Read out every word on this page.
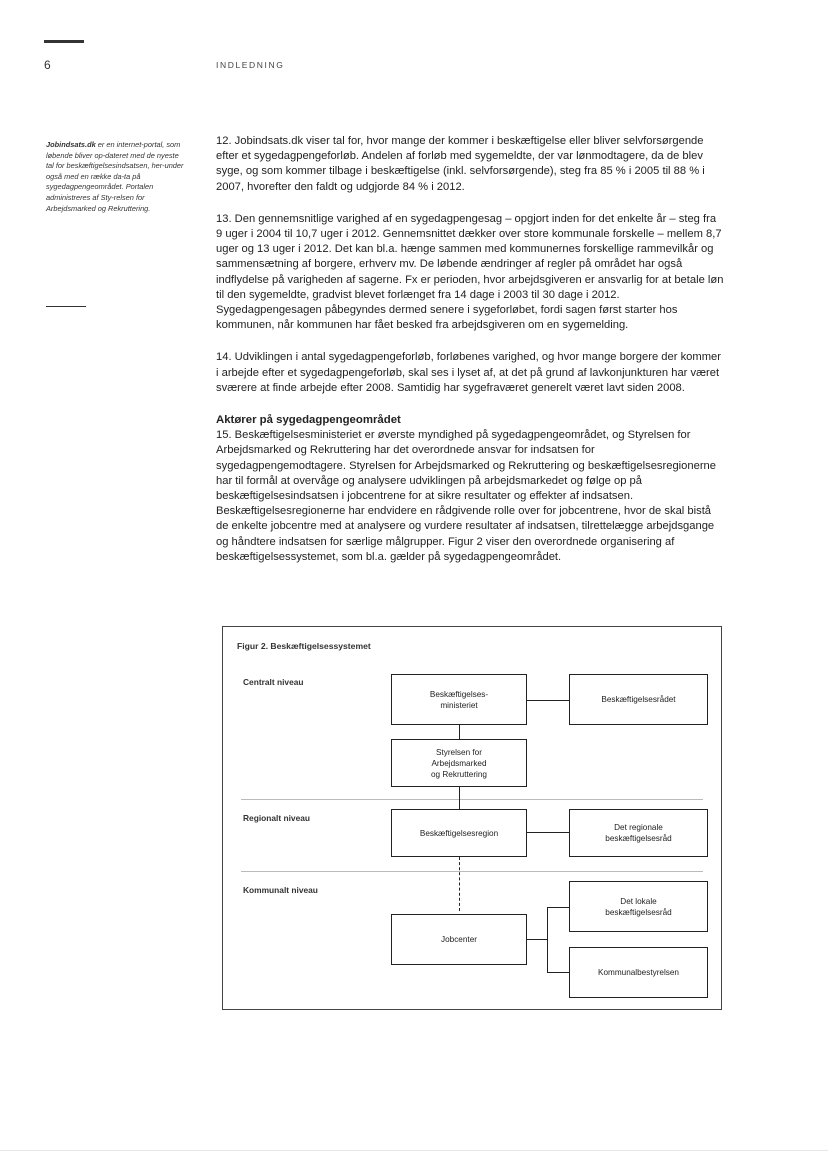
6	INDLEDNING
Jobindsats.dk er en internet-portal, som løbende bliver op-dateret med de nyeste tal for beskæftigelsesindsatsen, her-under også med en række da-ta på sygedagpengeområdet. Portalen administreres af Sty-relsen for Arbejdsmarked og Rekruttering.

12. Jobindsats.dk viser tal for, hvor mange der kommer i beskæftigelse eller bliver selvforsørgende efter et sygedagpengeforløb. Andelen af forløb med sygemeldte, der var lønmodtagere, da de blev syge, og som kommer tilbage i beskæftigelse (inkl. selvforsørgende), steg fra 85 % i 2005 til 88 % i 2007, hvorefter den faldt og udgjorde 84 % i 2012.

13. Den gennemsnitlige varighed af en sygedagpengesag – opgjort inden for det enkelte år – steg fra 9 uger i 2004 til 10,7 uger i 2012. Gennemsnittet dækker over store kommunale forskelle – mellem 8,7 uger og 13 uger i 2012. Det kan bl.a. hænge sammen med kommunernes forskellige rammevilkår og sammensætning af borgere, erhverv mv. De løbende ændringer af regler på området har også indflydelse på varigheden af sagerne. Fx er perioden, hvor arbejdsgiveren er ansvarlig for at betale løn til den sygemeldte, gradvist blevet forlænget fra 14 dage i 2003 til 30 dage i 2012. Sygedagpengesagen påbegyndes dermed senere i sygeforløbet, fordi sagen først starter hos kommunen, når kommunen har fået besked fra arbejdsgiveren om en sygemelding.

14. Udviklingen i antal sygedagpengeforløb, forløbenes varighed, og hvor mange borgere der kommer i arbejde efter et sygedagpengeforløb, skal ses i lyset af, at det på grund af lavkonjunkturen har været sværere at finde arbejde efter 2008. Samtidig har sygefraværet generelt været lavt siden 2008.

Aktører på sygedagpengeområdet

15. Beskæftigelsesministeriet er øverste myndighed på sygedagpengeområdet, og Styrelsen for Arbejdsmarked og Rekruttering har det overordnede ansvar for indsatsen for sygedagpengemodtagere. Styrelsen for Arbejdsmarked og Rekruttering og beskæftigelsesregionerne har til formål at overvåge og analysere udviklingen på arbejdsmarkedet og følge op på beskæftigelsesindsatsen i jobcentrene for at sikre resultater og effekter af indsatsen. Beskæftigelsesregionerne har endvidere en rådgivende rolle over for jobcentrene, hvor de skal bistå de enkelte jobcentre med at analysere og vurdere resultater af indsatsen, tilrettelægge arbejdsgange og håndtere indsatsen for særlige målgrupper. Figur 2 viser den overordnede organisering af beskæftigelsessystemet, som bl.a. gælder på sygedagpengeområdet.

Figur 2. Beskæftigelsessystemet
Centralt niveau
Regionalt niveau
Kommunalt niveau
Beskæftigelses-
ministeriet
Beskæftigelsesrådet
Styrelsen for
Arbejdsmarked
og Rekruttering
Beskæftigelsesregion
Det regionale
beskæftigelsesråd
Det lokale
beskæftigelsesråd
Jobcenter
Kommunalbestyrelsen
